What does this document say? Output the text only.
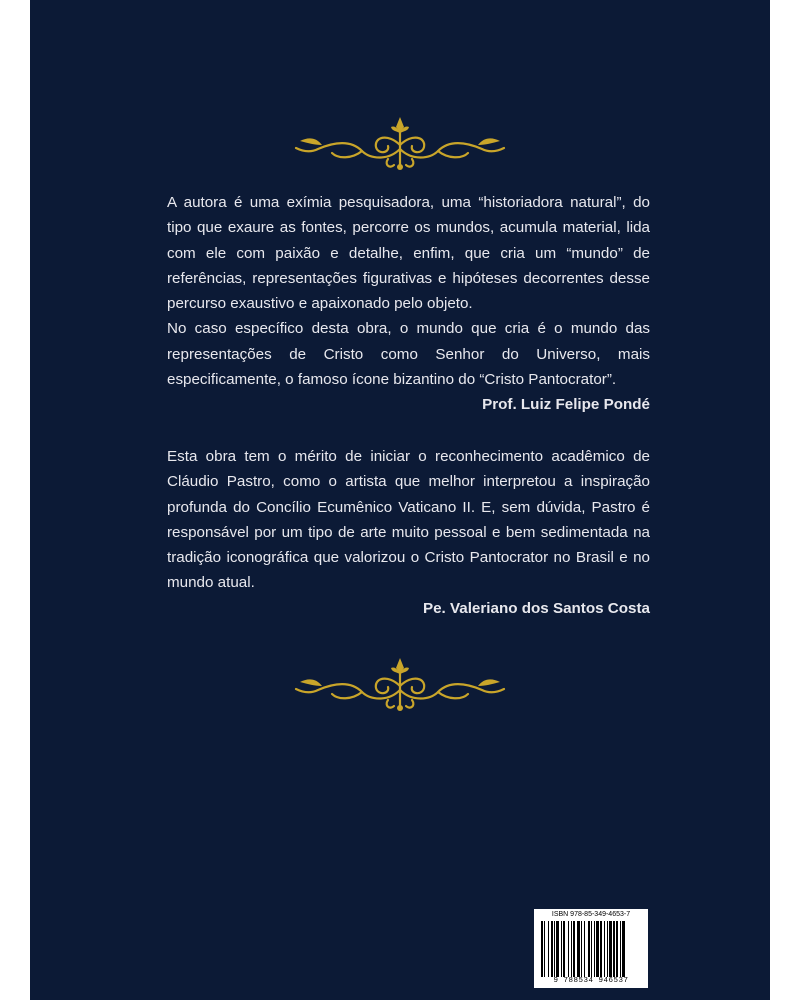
A autora é uma exímia pesquisadora, uma “historiadora natural”, do tipo que exaure as fontes, percorre os mundos, acumula material, lida com ele com paixão e detalhe, enfim, que cria um “mundo” de referências, representações figurativas e hipóteses decorrentes desse percurso exaustivo e apaixonado pelo objeto.

No caso específico desta obra, o mundo que cria é o mundo das representações de Cristo como Senhor do Universo, mais especificamente, o famoso ícone bizantino do “Cristo Pantocrator”.

Prof. Luiz Felipe Pondé

Esta obra tem o mérito de iniciar o reconhecimento acadêmico de Cláudio Pastro, como o artista que melhor interpretou a inspiração profunda do Concílio Ecumênico Vaticano II. E, sem dúvida, Pastro é responsável por um tipo de arte muito pessoal e bem sedimentada na tradição iconográfica que valorizou o Cristo Pantocrator no Brasil e no mundo atual.

Pe. Valeriano dos Santos Costa

ISBN 978-85-349-4653-7
9 788534 946537
